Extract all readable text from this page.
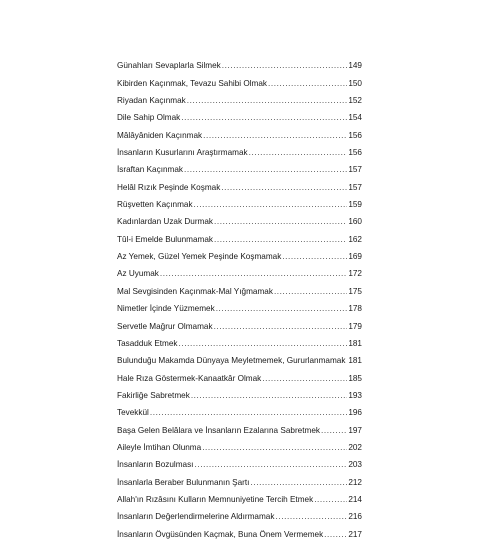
Günahları Sevaplarla Silmek .....	149
Kibirden Kaçınmak, Tevazu Sahibi Olmak .....	150
Riyadan Kaçınmak .....	152
Dile Sahip Olmak .....	154
Mâlâyâniden Kaçınmak .....	156
İnsanların Kusurlarını Araştırmamak .....	156
İsraftan Kaçınmak .....	157
Helâl Rızık Peşinde Koşmak .....	157
Rüşvetten Kaçınmak .....	159
Kadınlardan Uzak Durmak .....	160
Tûl-i Emelde Bulunmamak .....	162
Az Yemek, Güzel Yemek Peşinde Koşmamak .....	169
Az Uyumak .....	172
Mal Sevgisinden Kaçınmak-Mal Yığmamak .....	175
Nimetler İçinde Yüzmemek .....	178
Servetle Mağrur Olmamak .....	179
Tasadduk Etmek .....	181
Bulunduğu Makamda Dünyaya Meyletmemek, Gururlanmamak ..... 181
Hale Rıza Göstermek-Kanaatkâr Olmak .....	185
Fakirliğe Sabretmek .....	193
Tevekkül .....	196
Başa Gelen Belâlara ve İnsanların Ezalarına Sabretmek .....	197
Aileyle İmtihan Olunma .....	202
İnsanların Bozulması .....	203
İnsanlarla Beraber Bulunmanın Şartı .....	212
Allah'ın Rızâsını Kulların Memnuniyetine Tercih Etmek .....	214
İnsanların Değerlendirmelerine Aldırmamak .....	216
İnsanların Övgüsünden Kaçmak, Buna Önem Vermemek .....	217
